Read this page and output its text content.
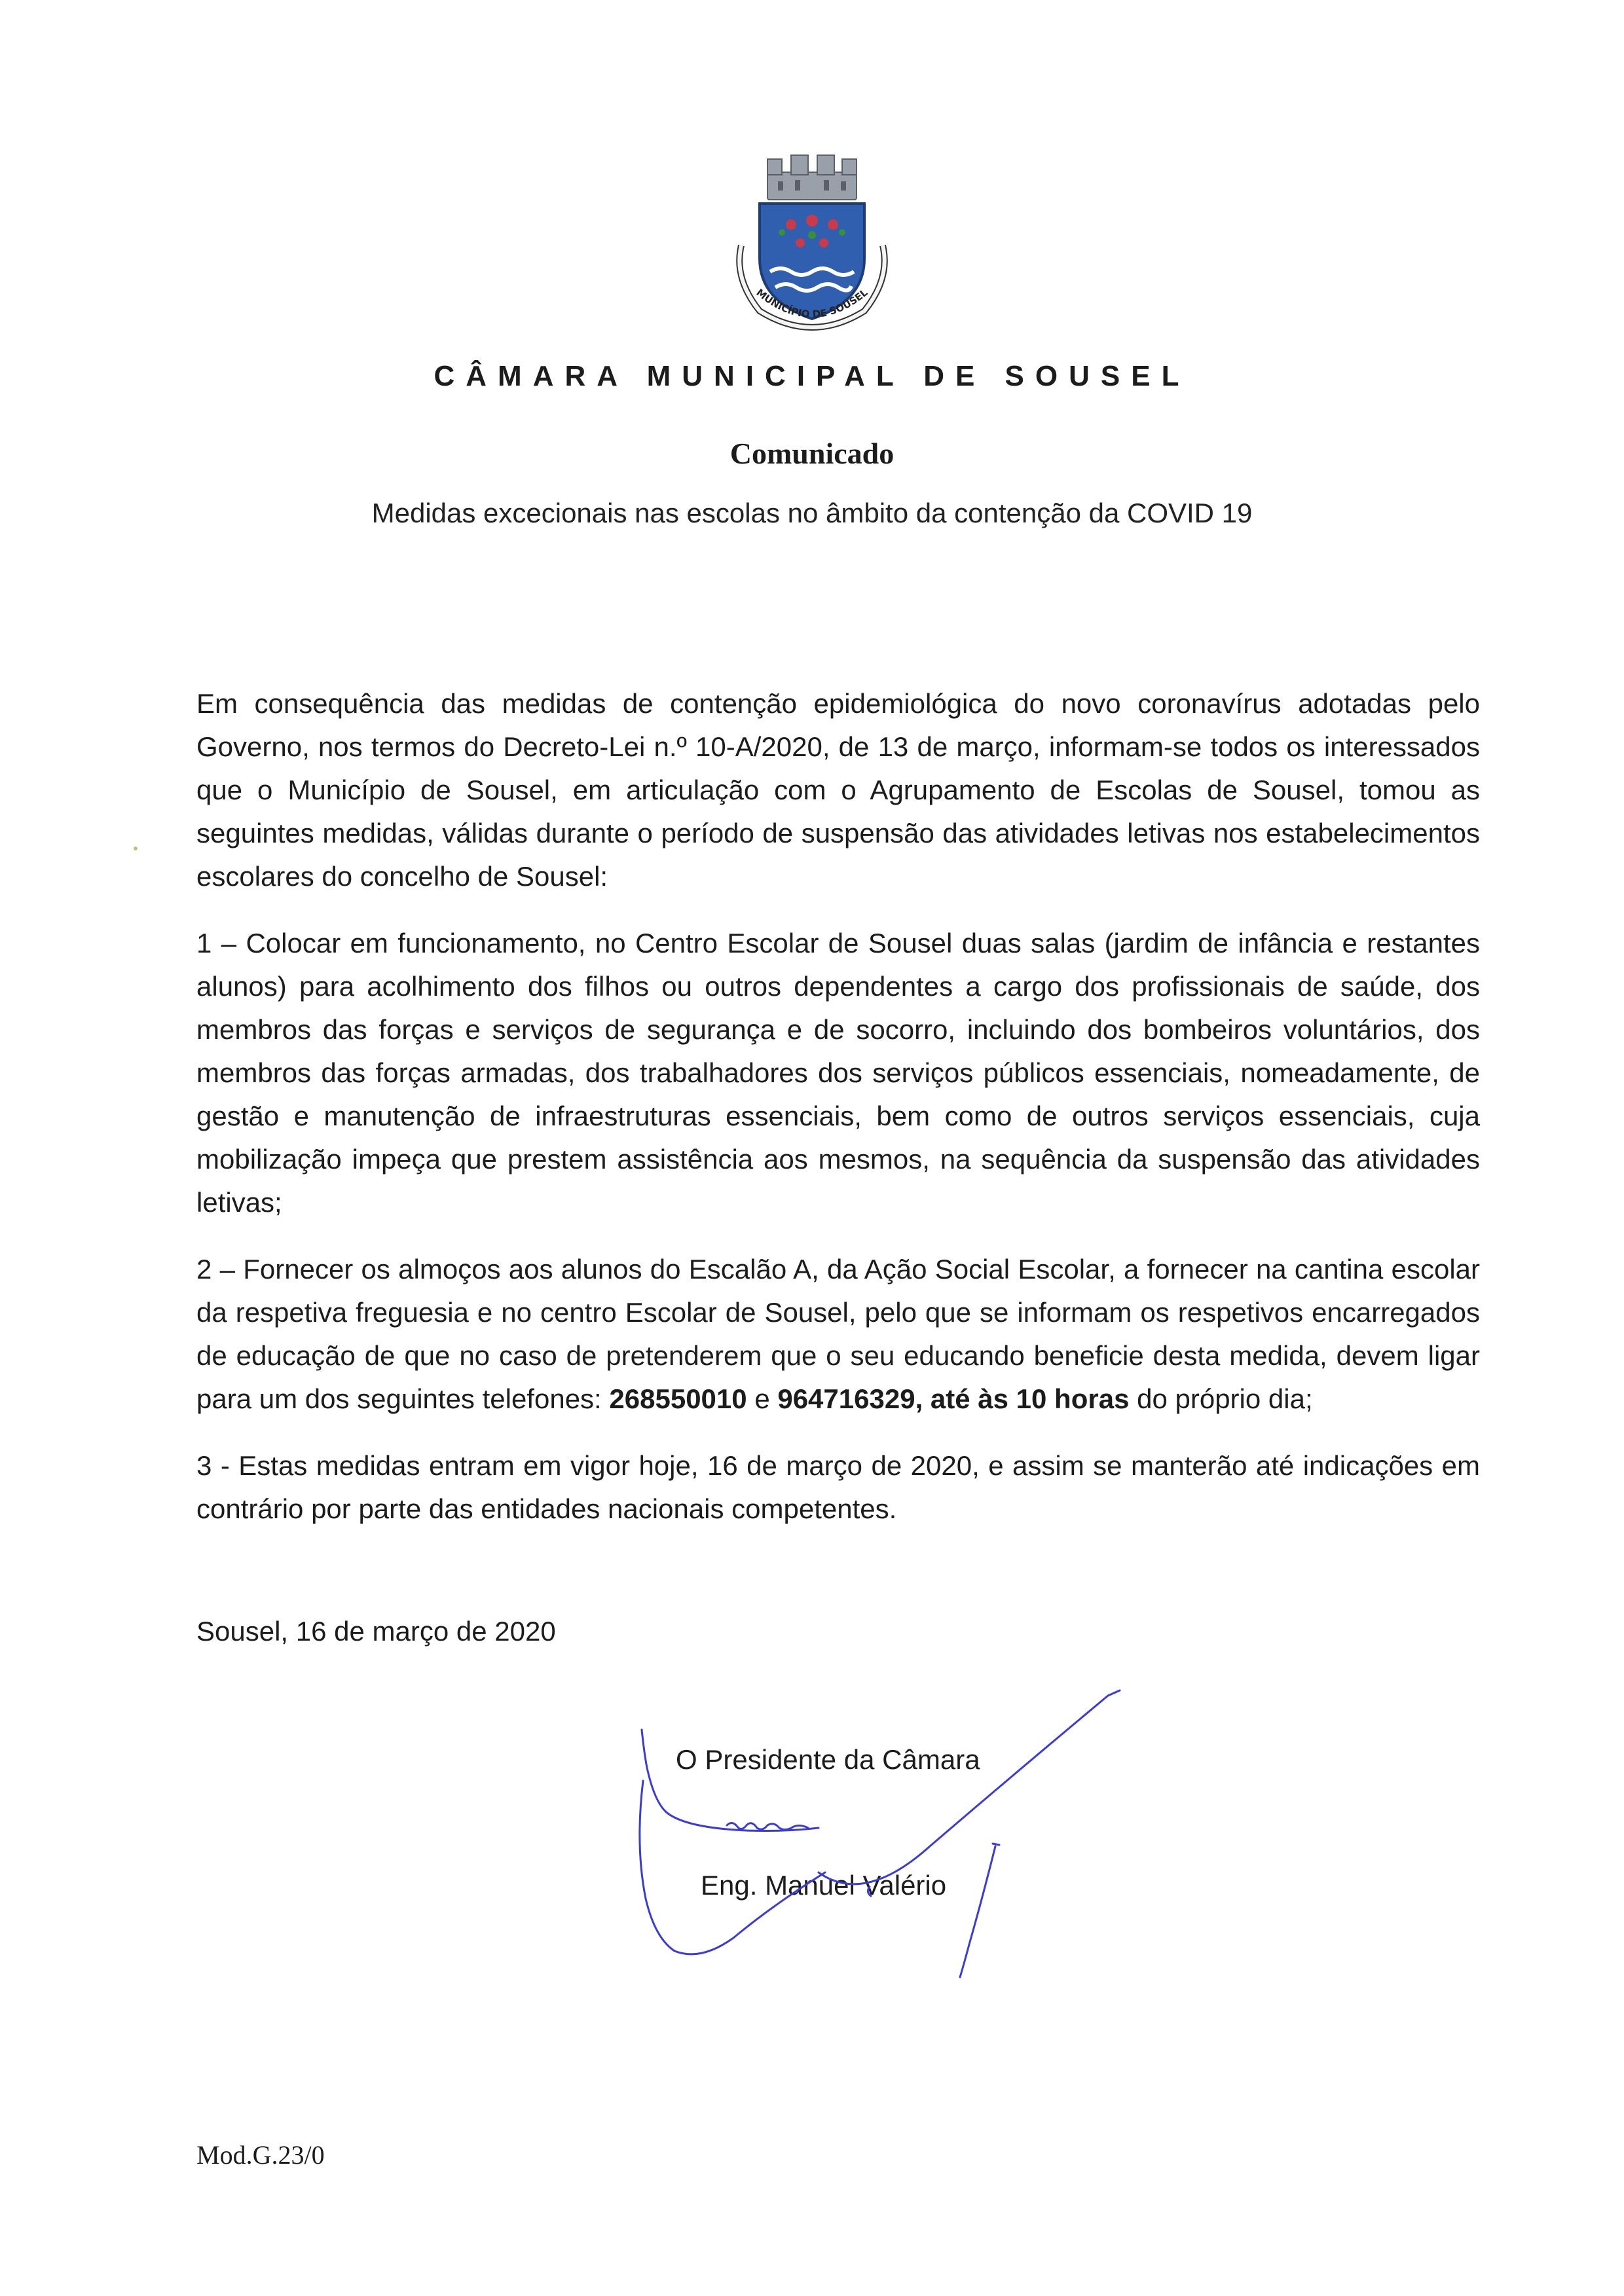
MUNICÍPIO DE SOUSEL
CÂMARA MUNICIPAL DE SOUSEL
Comunicado
Medidas excecionais nas escolas no âmbito da contenção da COVID 19

Em consequência das medidas de contenção epidemiológica do novo coronavírus adotadas pelo Governo, nos termos do Decreto-Lei n.º 10-A/2020, de 13 de março, informam-se todos os interessados que o Município de Sousel, em articulação com o Agrupamento de Escolas de Sousel, tomou as seguintes medidas, válidas durante o período de suspensão das atividades letivas nos estabelecimentos escolares do concelho de Sousel:

1 – Colocar em funcionamento, no Centro Escolar de Sousel duas salas (jardim de infância e restantes alunos) para acolhimento dos filhos ou outros dependentes a cargo dos profissionais de saúde, dos membros das forças e serviços de segurança e de socorro, incluindo dos bombeiros voluntários, dos membros das forças armadas, dos trabalhadores dos serviços públicos essenciais, nomeadamente, de gestão e manutenção de infraestruturas essenciais, bem como de outros serviços essenciais, cuja mobilização impeça que prestem assistência aos mesmos, na sequência da suspensão das atividades letivas;

2 – Fornecer os almoços aos alunos do Escalão A, da Ação Social Escolar, a fornecer na cantina escolar da respetiva freguesia e no centro Escolar de Sousel, pelo que se informam os respetivos encarregados de educação de que no caso de pretenderem que o seu educando beneficie desta medida, devem ligar para um dos seguintes telefones: 268550010 e 964716329, até às 10 horas do próprio dia;

3 - Estas medidas entram em vigor hoje, 16 de março de 2020, e assim se manterão até indicações em contrário por parte das entidades nacionais competentes.

Sousel, 16 de março de 2020
O Presidente da Câmara
Eng. Manuel Valério
Mod.G.23/0
